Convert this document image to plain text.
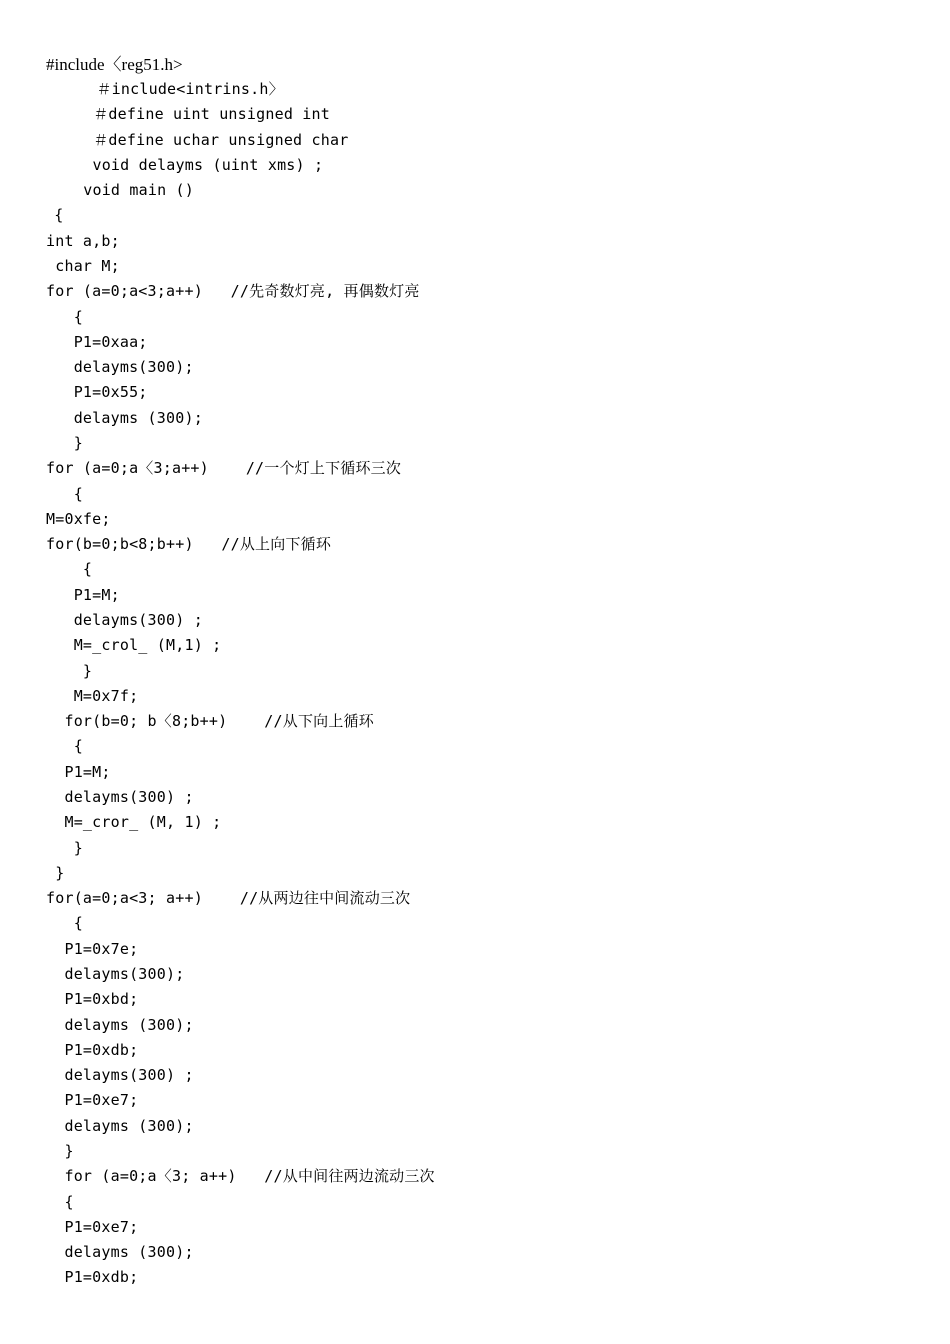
#include〈reg51.h>
＃include<intrins.h〉
＃define uint unsigned int
＃define uchar unsigned char
void delayms (uint xms) ;
void main ()
{
int a,b;
char M;
for (a=0;a<3;a++)   //先奇数灯亮, 再偶数灯亮
{
P1=0xaa;
delayms(300);
P1=0x55;
delayms (300);
}
for (a=0;a〈3;a++)    //一个灯上下循环三次
{
M=0xfe;
for(b=0;b<8;b++)   //从上向下循环
{
P1=M;
delayms(300) ;
M=_crol_ (M,1) ;
}
M=0x7f;
for(b=0; b〈8;b++)    //从下向上循环
{
P1=M;
delayms(300) ;
M=_cror_ (M, 1) ;
}
}
for(a=0;a<3; a++)    //从两边往中间流动三次
{
P1=0x7e;
delayms(300);
P1=0xbd;
delayms (300);
P1=0xdb;
delayms(300) ;
P1=0xe7;
delayms (300);
}
for (a=0;a〈3; a++)   //从中间往两边流动三次
{
P1=0xe7;
delayms (300);
P1=0xdb;
